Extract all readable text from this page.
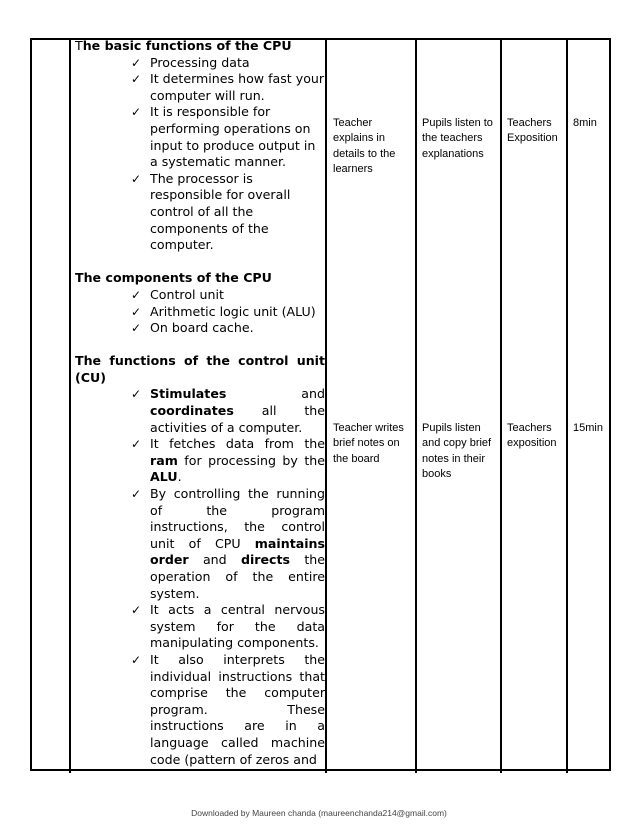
The basic functions of the CPU
✓ Processing data
✓ It determines how fast your computer will run.
✓ It is responsible for performing operations on input to produce output in a systematic manner.
✓ The processor is responsible for overall control of all the components of the computer.
The components of the CPU
✓ Control unit
✓ Arithmetic logic unit (ALU)
✓ On board cache.
The functions of the control unit (CU)
✓ Stimulates and coordinates all the activities of a computer.
✓ It fetches data from the ram for processing by the ALU.
✓ By controlling the running of the program instructions, the control unit of CPU maintains order and directs the operation of the entire system.
✓ It acts a central nervous system for the data manipulating components.
✓ It also interprets the individual instructions that comprise the computer program. These instructions are in a language called machine code (pattern of zeros and
Teacher explains in details to the learners
Pupils listen to the teachers explanations
Teachers Exposition
8min
Teacher writes brief notes on the board
Pupils listen and copy brief notes in their books
Teachers exposition
15min
Downloaded by Maureen chanda (maureenchanda214@gmail.com)
